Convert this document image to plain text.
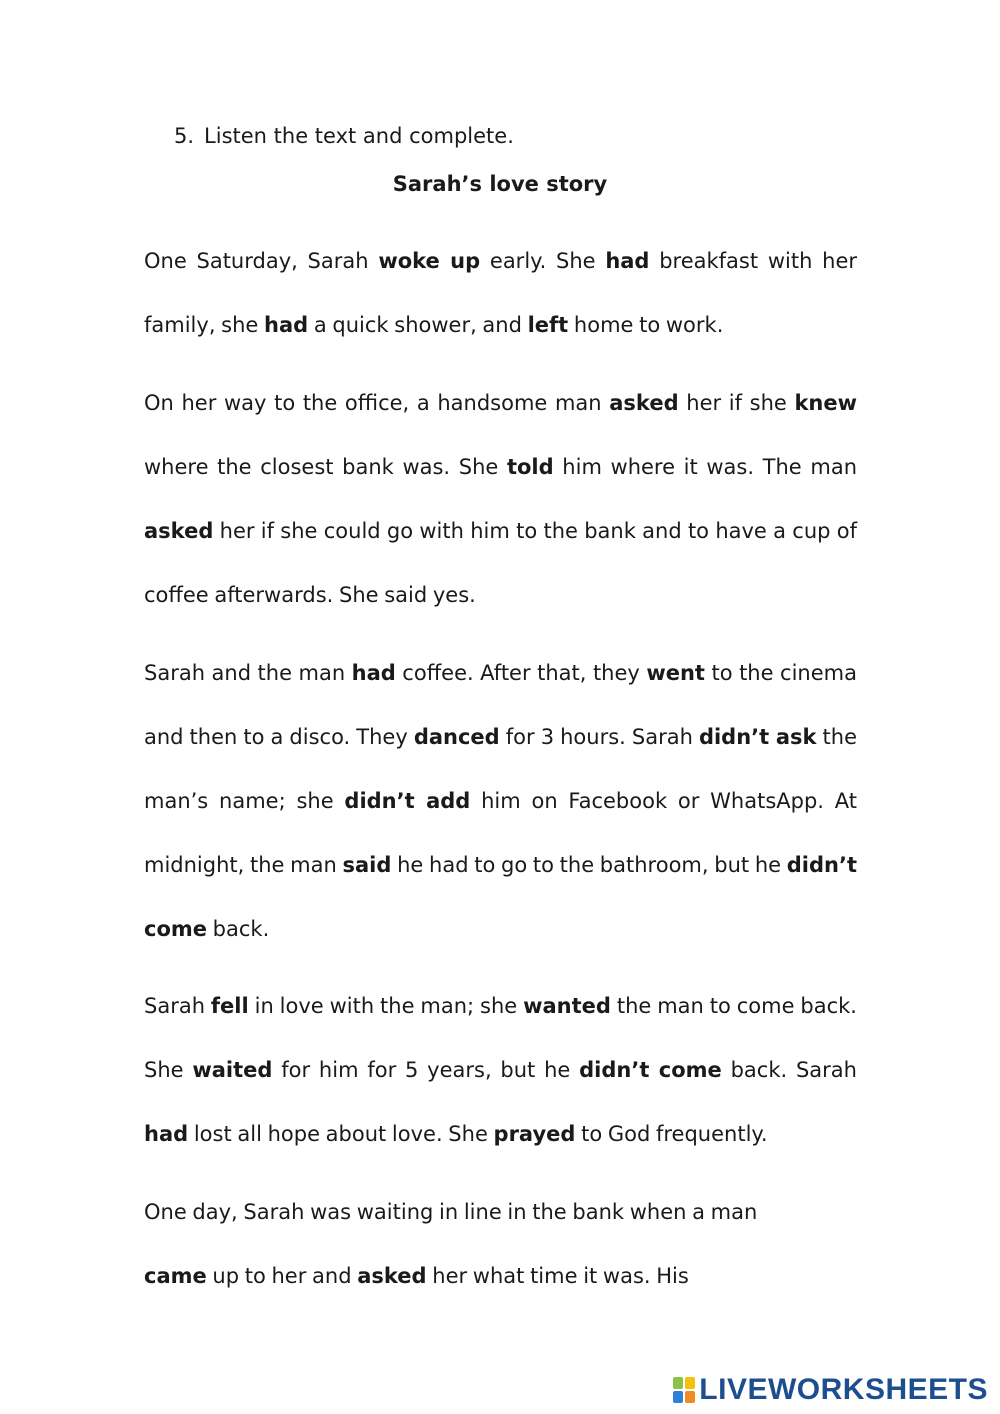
5. Listen the text and complete.
Sarah’s love story
One Saturday, Sarah woke up early. She had breakfast with her family, she had a quick shower, and left home to work.
On her way to the office, a handsome man asked her if she knew where the closest bank was. She told him where it was. The man asked her if she could go with him to the bank and to have a cup of coffee afterwards. She said yes.
Sarah and the man had coffee. After that, they went to the cinema and then to a disco. They danced for 3 hours. Sarah didn’t ask the man’s name; she didn’t add him on Facebook or WhatsApp. At midnight, the man said he had to go to the bathroom, but he didn’t come back.
Sarah fell in love with the man; she wanted the man to come back. She waited for him for 5 years, but he didn’t come back. Sarah had lost all hope about love. She prayed to God frequently.
One day, Sarah was waiting in line in the bank when a man came up to her and asked her what time it was. His
LIVEWORKSHEETS
